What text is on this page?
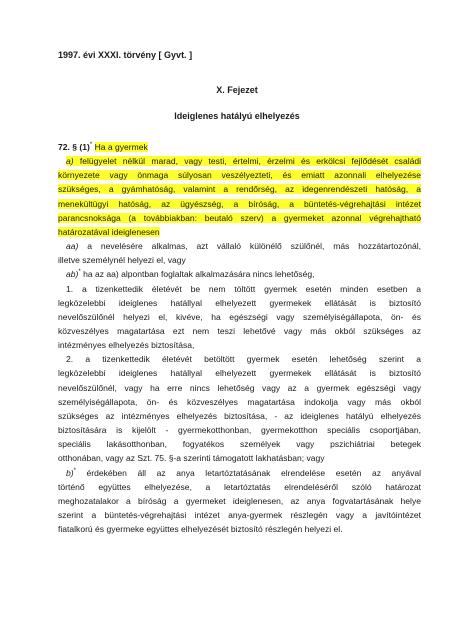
1997. évi XXXI. törvény [ Gyvt. ]
X. Fejezet
Ideiglenes hatályú elhelyezés
72. § (1)* Ha a gyermek
a) felügyelet nélkül marad, vagy testi, értelmi, érzelmi és erkölcsi fejlődését családi
környezete vagy önmaga súlyosan veszélyezteti, és emiatt azonnali elhelyezése
szükséges, a gyámhatóság, valamint a rendőrség, az idegenrendészeti hatóság, a
menekültügyi hatóság, az ügyészség, a bíróság, a büntetés-végrehajtási intézet
parancsnoksága (a továbbiakban: beutaló szerv) a gyermeket azonnal végrehajtható
határozatával ideiglenesen
aa) a nevelésére alkalmas, azt vállaló különélő szülőnél, más hozzátartozónál,
illetve személynél helyezi el, vagy
ab)* ha az aa) alpontban foglaltak alkalmazására nincs lehetőség,
1. a tizenkettedik életévét be nem töltött gyermek esetén minden esetben a
legközelebbi ideiglenes hatállyal elhelyezett gyermekek ellátását is biztosító
nevelőszülőnél helyezi el, kivéve, ha egészségi vagy személyiségállapota, ön- és
közveszélyes magatartása ezt nem teszi lehetővé vagy más okból szükséges az
intézményes elhelyezés biztosítása,
2. a tizenkettedik életévét betöltött gyermek esetén lehetőség szerint a
legközelebbi ideiglenes hatállyal elhelyezett gyermekek ellátását is biztosító
nevelőszülőnél, vagy ha erre nincs lehetőség vagy az a gyermek egészségi vagy
személyiségállapota, ön- és közveszélyes magatartása indokolja vagy más okból
szükséges az intézményes elhelyezés biztosítása, - az ideiglenes hatályú elhelyezés
biztosítására is kijelölt - gyermekotthonban, gyermekotthon speciális csoportjában,
speciális lakásotthonban, fogyatékos személyek vagy pszichiátriai betegek
otthonában, vagy az Szt. 75. §-a szerinti támogatott lakhatásban; vagy
b)* érdekében áll az anya letartóztatásának elrendelése esetén az anyával
történő együttes elhelyezése, a letartóztatás elrendeléséről szóló határozat
meghozatalakor a bíróság a gyermeket ideiglenesen, az anya fogvatartásának helye
szerint a büntetés-végrehajtási intézet anya-gyermek részlegén vagy a javítóintézet
fiatalkorú és gyermeke együttes elhelyezését biztosító részlegén helyezi el.
